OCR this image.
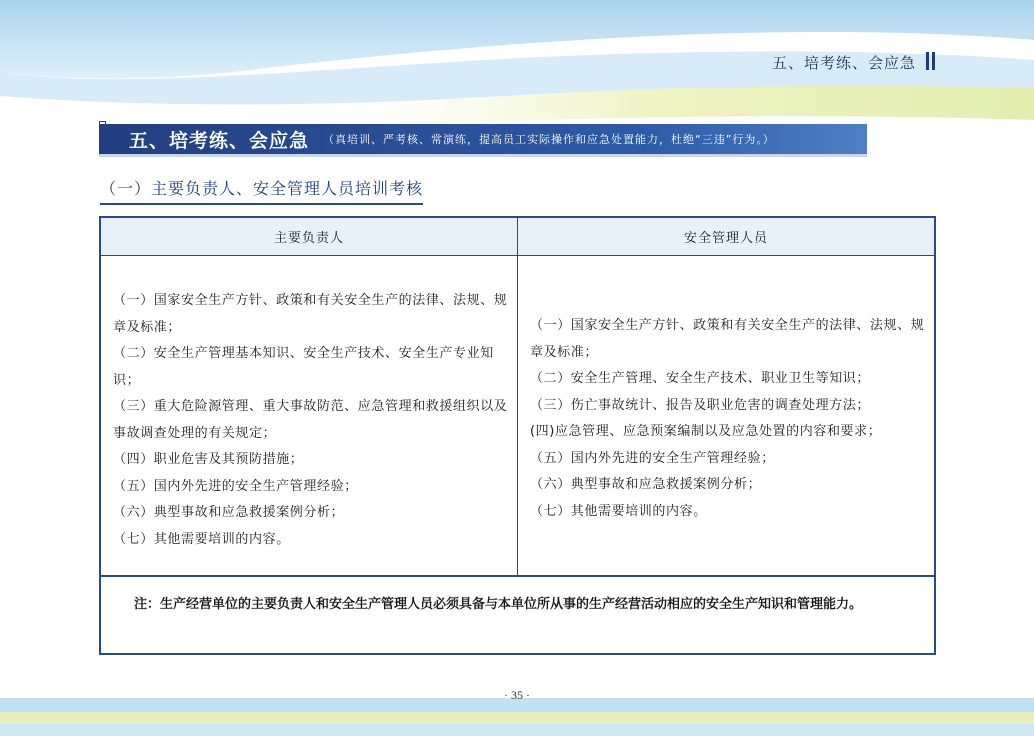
五、培考练、会应急
五、培考练、会应急 （真培训、严考核、常演练，提高员工实际操作和应急处置能力，杜绝“三违”行为。）
（一）主要负责人、安全管理人员培训考核
主要负责人	安全管理人员

（一）国家安全生产方针、政策和有关安全生产的法律、法规、规章及标准；

（二）安全生产管理基本知识、安全生产技术、安全生产专业知识；

（三）重大危险源管理、重大事故防范、应急管理和救援组织以及事故调查处理的有关规定；

（四）职业危害及其预防措施；

（五）国内外先进的安全生产管理经验；

（六）典型事故和应急救援案例分析；

（七）其他需要培训的内容。

（一）国家安全生产方针、政策和有关安全生产的法律、法规、规章及标准；

（二）安全生产管理、安全生产技术、职业卫生等知识；

（三）伤亡事故统计、报告及职业危害的调查处理方法；

(四)应急管理、应急预案编制以及应急处置的内容和要求；

（五）国内外先进的安全生产管理经验；

（六）典型事故和应急救援案例分析；

（七）其他需要培训的内容。

注：生产经营单位的主要负责人和安全生产管理人员必须具备与本单位所从事的生产经营活动相应的安全生产知识和管理能力。

· 35 ·
